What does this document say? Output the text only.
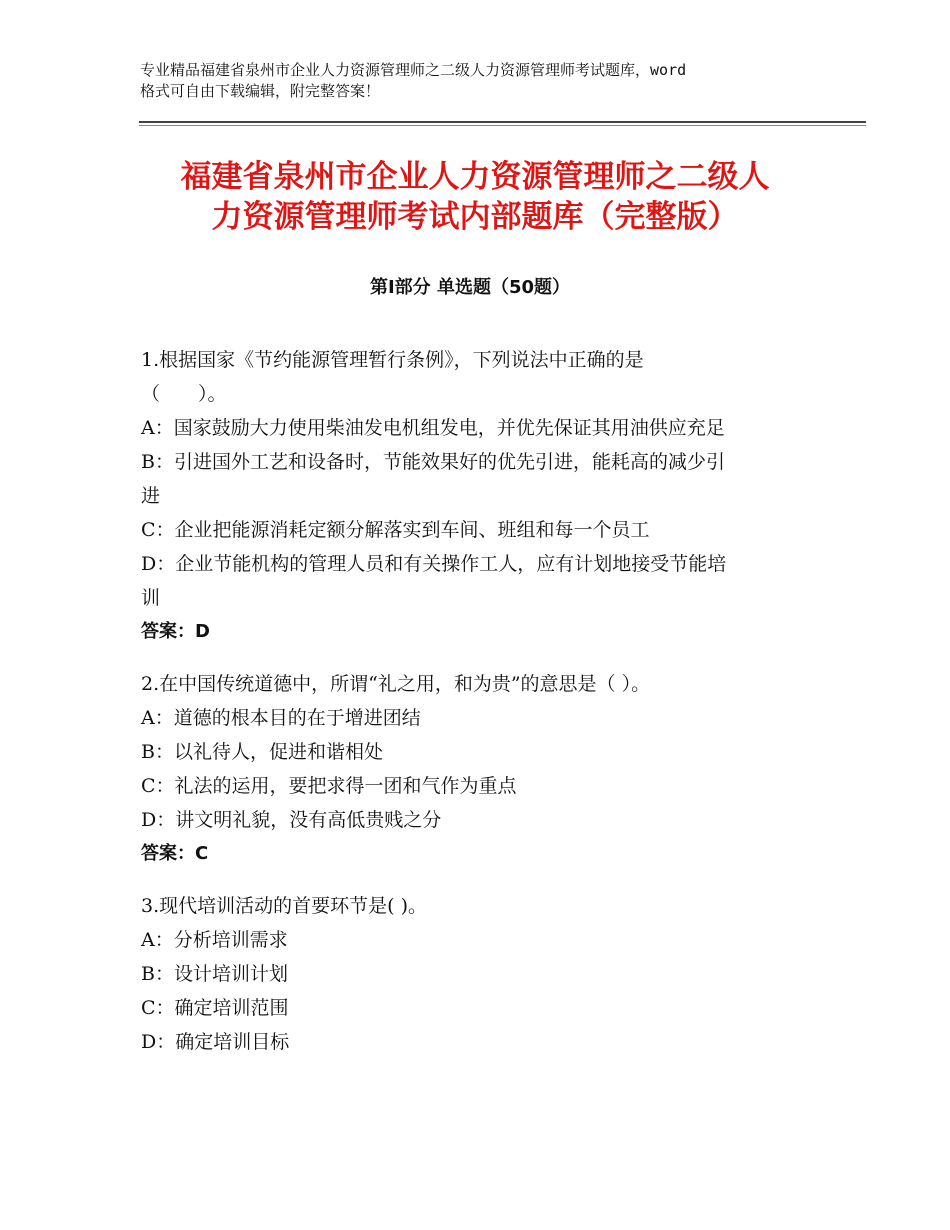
专业精品福建省泉州市企业人力资源管理师之二级人力资源管理师考试题库，word
格式可自由下载编辑，附完整答案！
福建省泉州市企业人力资源管理师之二级人
力资源管理师考试内部题库（完整版）
第Ⅰ部分 单选题（50题）
1.根据国家《节约能源管理暂行条例》，下列说法中正确的是
（　　）。
A：国家鼓励大力使用柴油发电机组发电，并优先保证其用油供应充足
B：引进国外工艺和设备时，节能效果好的优先引进，能耗高的减少引
进
C：企业把能源消耗定额分解落实到车间、班组和每一个员工
D：企业节能机构的管理人员和有关操作工人，应有计划地接受节能培
训
答案：D
2.在中国传统道德中，所谓“礼之用，和为贵”的意思是（ ）。
A：道德的根本目的在于增进团结
B：以礼待人，促进和谐相处
C：礼法的运用，要把求得一团和气作为重点
D：讲文明礼貌，没有高低贵贱之分
答案：C
3.现代培训活动的首要环节是( )。
A：分析培训需求
B：设计培训计划
C：确定培训范围
D：确定培训目标
